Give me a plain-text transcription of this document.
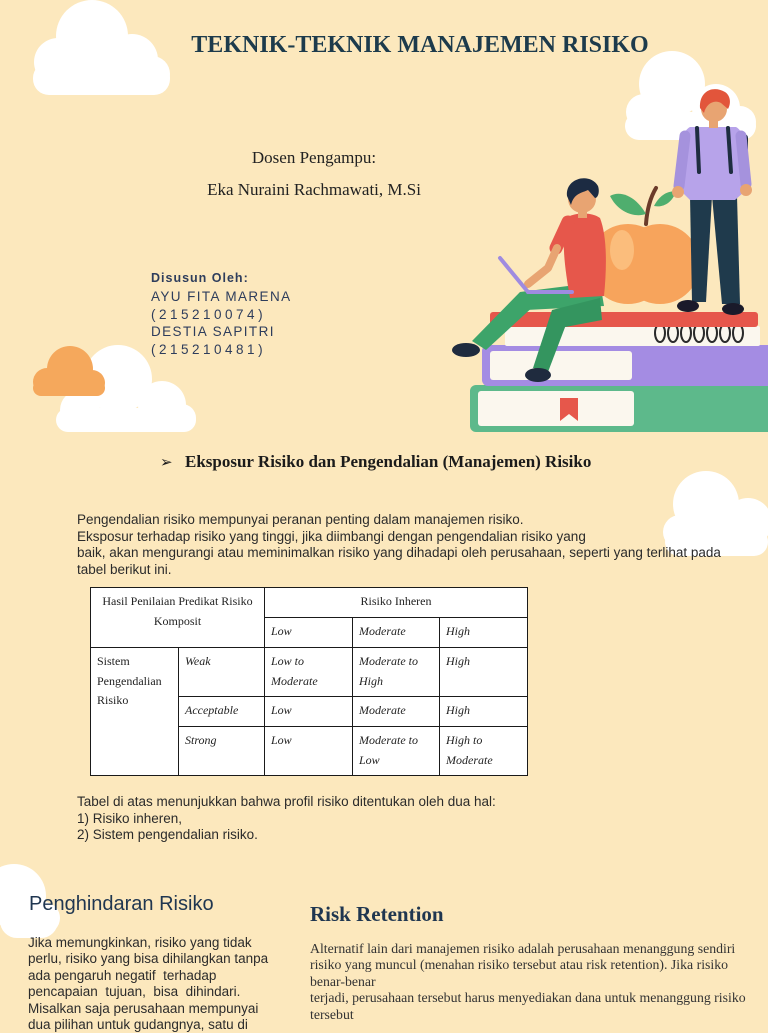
TEKNIK-TEKNIK MANAJEMEN RISIKO
Dosen Pengampu:
Eka Nuraini Rachmawati, M.Si
Disusun Oleh:
AYU FITA MARENA
(215210074)
DESTIA SAPITRI
(215210481)
➢ Eksposur Risiko dan Pengendalian (Manajemen) Risiko
Pengendalian risiko mempunyai peranan penting dalam manajemen risiko.
Eksposur terhadap risiko yang tinggi, jika diimbangi dengan pengendalian risiko yang
baik, akan mengurangi atau meminimalkan risiko yang dihadapi oleh perusahaan, seperti yang terlihat pada
tabel berikut ini.
Hasil Penilaian Predikat Risiko Komposit		Risiko Inheren		
		Low	Moderate	High
Sistem Pengendalian Risiko	Weak	Low to Moderate	Moderate to High	High
	Acceptable	Low	Moderate	High
	Strong	Low	Moderate to Low	High to Moderate
Tabel di atas menunjukkan bahwa profil risiko ditentukan oleh dua hal:
1) Risiko inheren,
2) Sistem pengendalian risiko.
Penghindaran Risiko	Risk Retention
Jika memungkinkan, risiko yang tidak
perlu, risiko yang bisa dihilangkan tanpa
ada pengaruh negatif  terhadap
pencapaian  tujuan,  bisa  dihindari.
Misalkan saja perusahaan mempunyai
dua pilihan untuk gudangnya, satu di
Alternatif lain dari manajemen risiko adalah perusahaan menanggung sendiri
risiko yang muncul (menahan risiko tersebut atau risk retention). Jika risiko
benar-benar
terjadi, perusahaan tersebut harus menyediakan dana untuk menanggung risiko
tersebut
